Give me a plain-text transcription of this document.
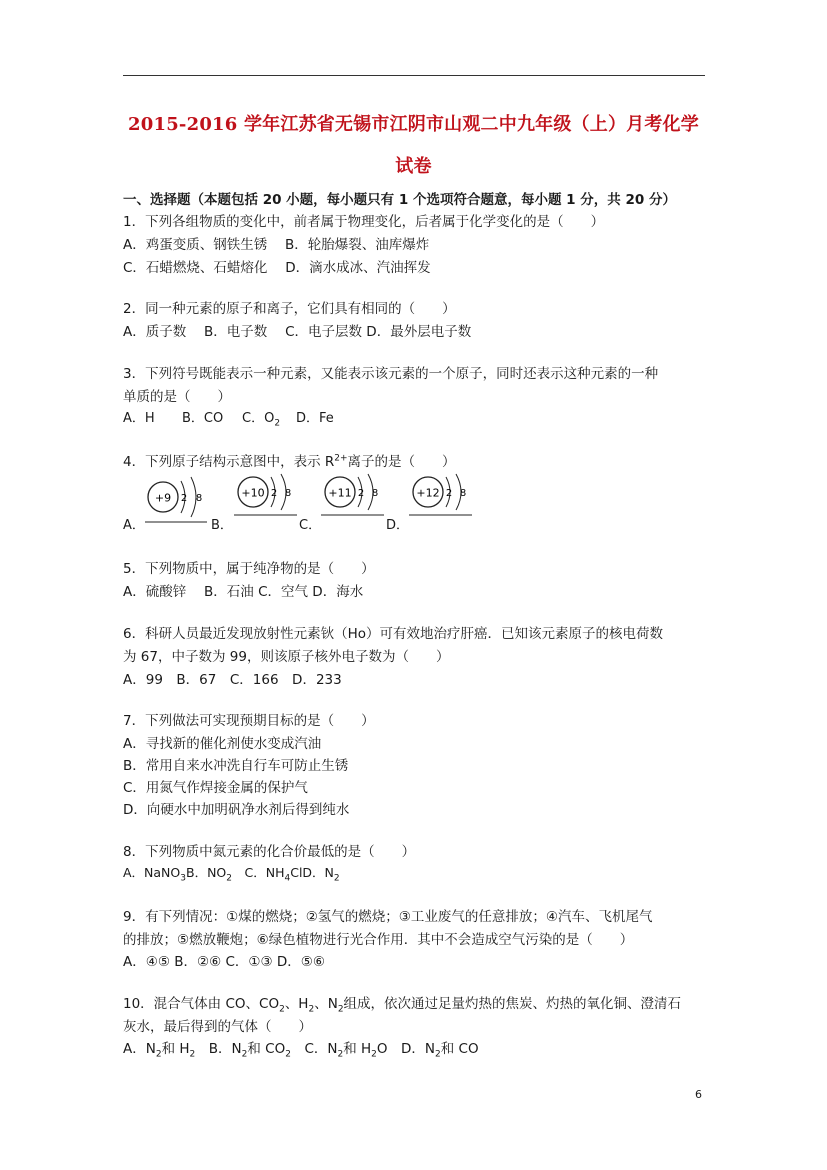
2015-2016 学年江苏省无锡市江阴市山观二中九年级（上）月考化学
试卷
一、选择题（本题包括 20 小题，每小题只有 1 个选项符合题意，每小题 1 分，共 20 分）
1．下列各组物质的变化中，前者属于物理变化，后者属于化学变化的是（　　）
A．鸡蛋变质、钢铁生锈　 B．轮胎爆裂、油库爆炸
C．石蜡燃烧、石蜡熔化　 D．滴水成冰、汽油挥发
2．同一种元素的原子和离子，它们具有相同的（　　）
A．质子数　 B．电子数　 C．电子层数 D．最外层电子数
3．下列符号既能表示一种元素，又能表示该元素的一个原子，同时还表示这种元素的一种
单质的是（　　）
A．H B．CO C．$O_2$ D．Fe
4．下列原子结构示意图中，表示 $R^{2+}$离子的是（　　）
A．
+9 2 8
B．
+10 2 8
C．
+11 2 8
D．
+12 2 8
5．下列物质中，属于纯净物的是（　　）
A．硫酸锌　 B．石油 C．空气 D．海水
6．科研人员最近发现放射性元素钬（Ho）可有效地治疗肝癌．已知该元素原子的核电荷数
为 67，中子数为 99，则该原子核外电子数为（　　）
A．99　B．67　C．166　D．233
7．下列做法可实现预期目标的是（　　）
A．寻找新的催化剂使水变成汽油
B．常用自来水冲洗自行车可防止生锈
C．用氮气作焊接金属的保护气
D．向硬水中加明矾净水剂后得到纯水
8．下列物质中氮元素的化合价最低的是（　　）
A．NaNO$_3$B．$NO_2$　C．$NH_4ClD$．$N_2$
9．有下列情况：①煤的燃烧；②氢气的燃烧；③工业废气的任意排放；④汽车、飞机尾气
的排放；⑤燃放鞭炮；⑥绿色植物进行光合作用．其中不会造成空气污染的是（　　）
A．④⑤ B．②⑥ C．①③ D．⑤⑥
10．混合气体由 CO、$CO_2$、$H_2$、$N_2$组成，依次通过足量灼热的焦炭、灼热的氧化铜、澄清石
灰水，最后得到的气体（　　）
A．$N_2$和 $H_2$　B．$N_2$和 $CO_2$　C．$N_2$和 $H_2O$　D．$N_2$和 CO
6
